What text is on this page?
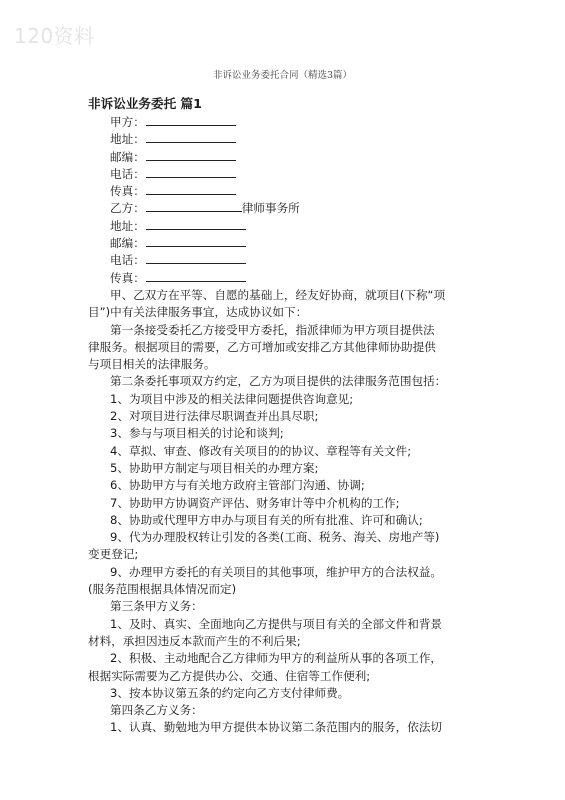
120资料
非诉讼业务委托合同（精选3篇）
非诉讼业务委托 篇1
甲方：
地址：
邮编：
电话：
传真：
乙方：	律师事务所
地址：
邮编：
电话：
传真：
甲、乙双方在平等、自愿的基础上，经友好协商，就项目(下称“项
目”)中有关法律服务事宜，达成协议如下：
第一条接受委托乙方接受甲方委托，指派律师为甲方项目提供法
律服务。根据项目的需要，乙方可增加或安排乙方其他律师协助提供
与项目相关的法律服务。
第二条委托事项双方约定，乙方为项目提供的法律服务范围包括：
1、为项目中涉及的相关法律问题提供咨询意见;
2、对项目进行法律尽职调查并出具尽职;
3、参与与项目相关的讨论和谈判;
4、草拟、审查、修改有关项目的的协议、章程等有关文件;
5、协助甲方制定与项目相关的办理方案;
6、协助甲方与有关地方政府主管部门沟通、协调;
7、协助甲方协调资产评估、财务审计等中介机构的工作;
8、协助或代理甲方申办与项目有关的所有批准、许可和确认;
9、代为办理股权转让引发的各类(工商、税务、海关、房地产等)
变更登记;
9、办理甲方委托的有关项目的其他事项，维护甲方的合法权益。
(服务范围根据具体情况而定)
第三条甲方义务：
1、及时、真实、全面地向乙方提供与项目有关的全部文件和背景
材料，承担因违反本款而产生的不利后果;
2、积极、主动地配合乙方律师为甲方的利益所从事的各项工作，
根据实际需要为乙方提供办公、交通、住宿等工作便利;
3、按本协议第五条的约定向乙方支付律师费。
第四条乙方义务：
1、认真、勤勉地为甲方提供本协议第二条范围内的服务，依法切
